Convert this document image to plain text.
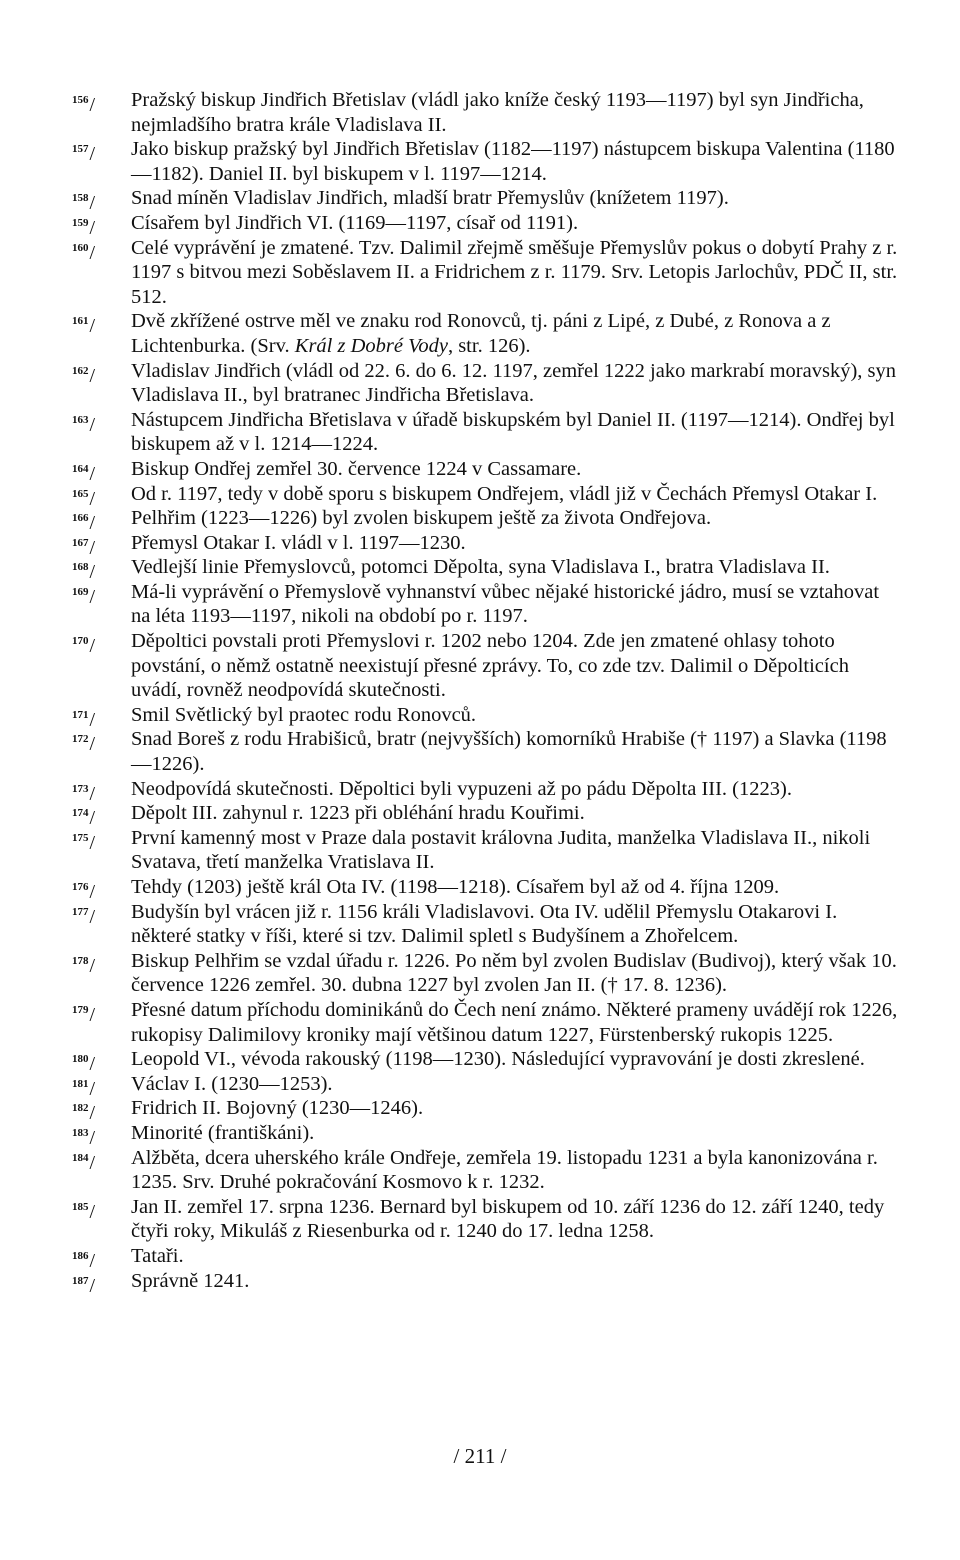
$^{156}$/	Pražský biskup Jindřich Břetislav (vládl jako kníže český 1193—1197) byl syn Jindřicha, nejmladšího bratra krále Vladislava II.
$^{157}$/	Jako biskup pražský byl Jindřich Břetislav (1182—1197) nástupcem biskupa Valentina (1180—1182). Daniel II. byl biskupem v l. 1197—1214.
$^{158}$/	Snad míněn Vladislav Jindřich, mladší bratr Přemyslův (knížetem 1197).
$^{159}$/	Císařem byl Jindřich VI. (1169—1197, císař od 1191).
$^{160}$/	Celé vyprávění je zmatené. Tzv. Dalimil zřejmě směšuje Přemyslův pokus o dobytí Prahy z r. 1197 s bitvou mezi Soběslavem II. a Fridrichem z r. 1179. Srv. Letopis Jarlochův, PDČ II, str. 512.
$^{161}$/	Dvě zkřížené ostrve měl ve znaku rod Ronovců, tj. páni z Lipé, z Dubé, z Ronova a z Lichtenburka. (Srv. Král z Dobré Vody, str. 126).
$^{162}$/	Vladislav Jindřich (vládl od 22. 6. do 6. 12. 1197, zemřel 1222 jako markrabí moravský), syn Vladislava II., byl bratranec Jindřicha Břetislava.
$^{163}$/	Nástupcem Jindřicha Břetislava v úřadě biskupském byl Daniel II. (1197—1214). Ondřej byl biskupem až v l. 1214—1224.
$^{164}$/	Biskup Ondřej zemřel 30. července 1224 v Cassamare.
$^{165}$/	Od r. 1197, tedy v době sporu s biskupem Ondřejem, vládl již v Čechách Přemysl Otakar I.
$^{166}$/	Pelhřim (1223—1226) byl zvolen biskupem ještě za života Ondřejova.
$^{167}$/	Přemysl Otakar I. vládl v l. 1197—1230.
$^{168}$/	Vedlejší linie Přemyslovců, potomci Děpolta, syna Vladislava I., bratra Vladislava II.
$^{169}$/	Má-li vyprávění o Přemyslově vyhnanství vůbec nějaké historické jádro, musí se vztahovat na léta 1193—1197, nikoli na období po r. 1197.
$^{170}$/	Děpoltici povstali proti Přemyslovi r. 1202 nebo 1204. Zde jen zmatené ohlasy tohoto povstání, o němž ostatně neexistují přesné zprávy. To, co zde tzv. Dalimil o Děpolticích uvádí, rovněž neodpovídá skutečnosti.
$^{171}$/	Smil Světlický byl praotec rodu Ronovců.
$^{172}$/	Snad Boreš z rodu Hrabišiců, bratr (nejvyšších) komorníků Hrabiše († 1197) a Slavka (1198—1226).
$^{173}$/	Neodpovídá skutečnosti. Děpoltici byli vypuzeni až po pádu Děpolta III. (1223).
$^{174}$/	Děpolt III. zahynul r. 1223 při obléhání hradu Kouřimi.
$^{175}$/	První kamenný most v Praze dala postavit královna Judita, manželka Vladislava II., nikoli Svatava, třetí manželka Vratislava II.
$^{176}$/	Tehdy (1203) ještě král Ota IV. (1198—1218). Císařem byl až od 4. října 1209.
$^{177}$/	Budyšín byl vrácen již r. 1156 králi Vladislavovi. Ota IV. udělil Přemyslu Otakarovi I. některé statky v říši, které si tzv. Dalimil spletl s Budyšínem a Zhořelcem.
$^{178}$/	Biskup Pelhřim se vzdal úřadu r. 1226. Po něm byl zvolen Budislav (Budivoj), který však 10. července 1226 zemřel. 30. dubna 1227 byl zvolen Jan II. († 17. 8. 1236).
$^{179}$/	Přesné datum příchodu dominikánů do Čech není známo. Některé prameny uvádějí rok 1226, rukopisy Dalimilovy kroniky mají většinou datum 1227, Fürstenberský rukopis 1225.
$^{180}$/	Leopold VI., vévoda rakouský (1198—1230). Následující vypravování je dosti zkreslené.
$^{181}$/	Václav I. (1230—1253).
$^{182}$/	Fridrich II. Bojovný (1230—1246).
$^{183}$/	Minorité (františkáni).
$^{184}$/	Alžběta, dcera uherského krále Ondřeje, zemřela 19. listopadu 1231 a byla kanonizována r. 1235. Srv. Druhé pokračování Kosmovo k r. 1232.
$^{185}$/	Jan II. zemřel 17. srpna 1236. Bernard byl biskupem od 10. září 1236 do 12. září 1240, tedy čtyři roky, Mikuláš z Riesenburka od r. 1240 do 17. ledna 1258.
$^{186}$/	Tataři.
$^{187}$/	Správně 1241.
/ 211 /
